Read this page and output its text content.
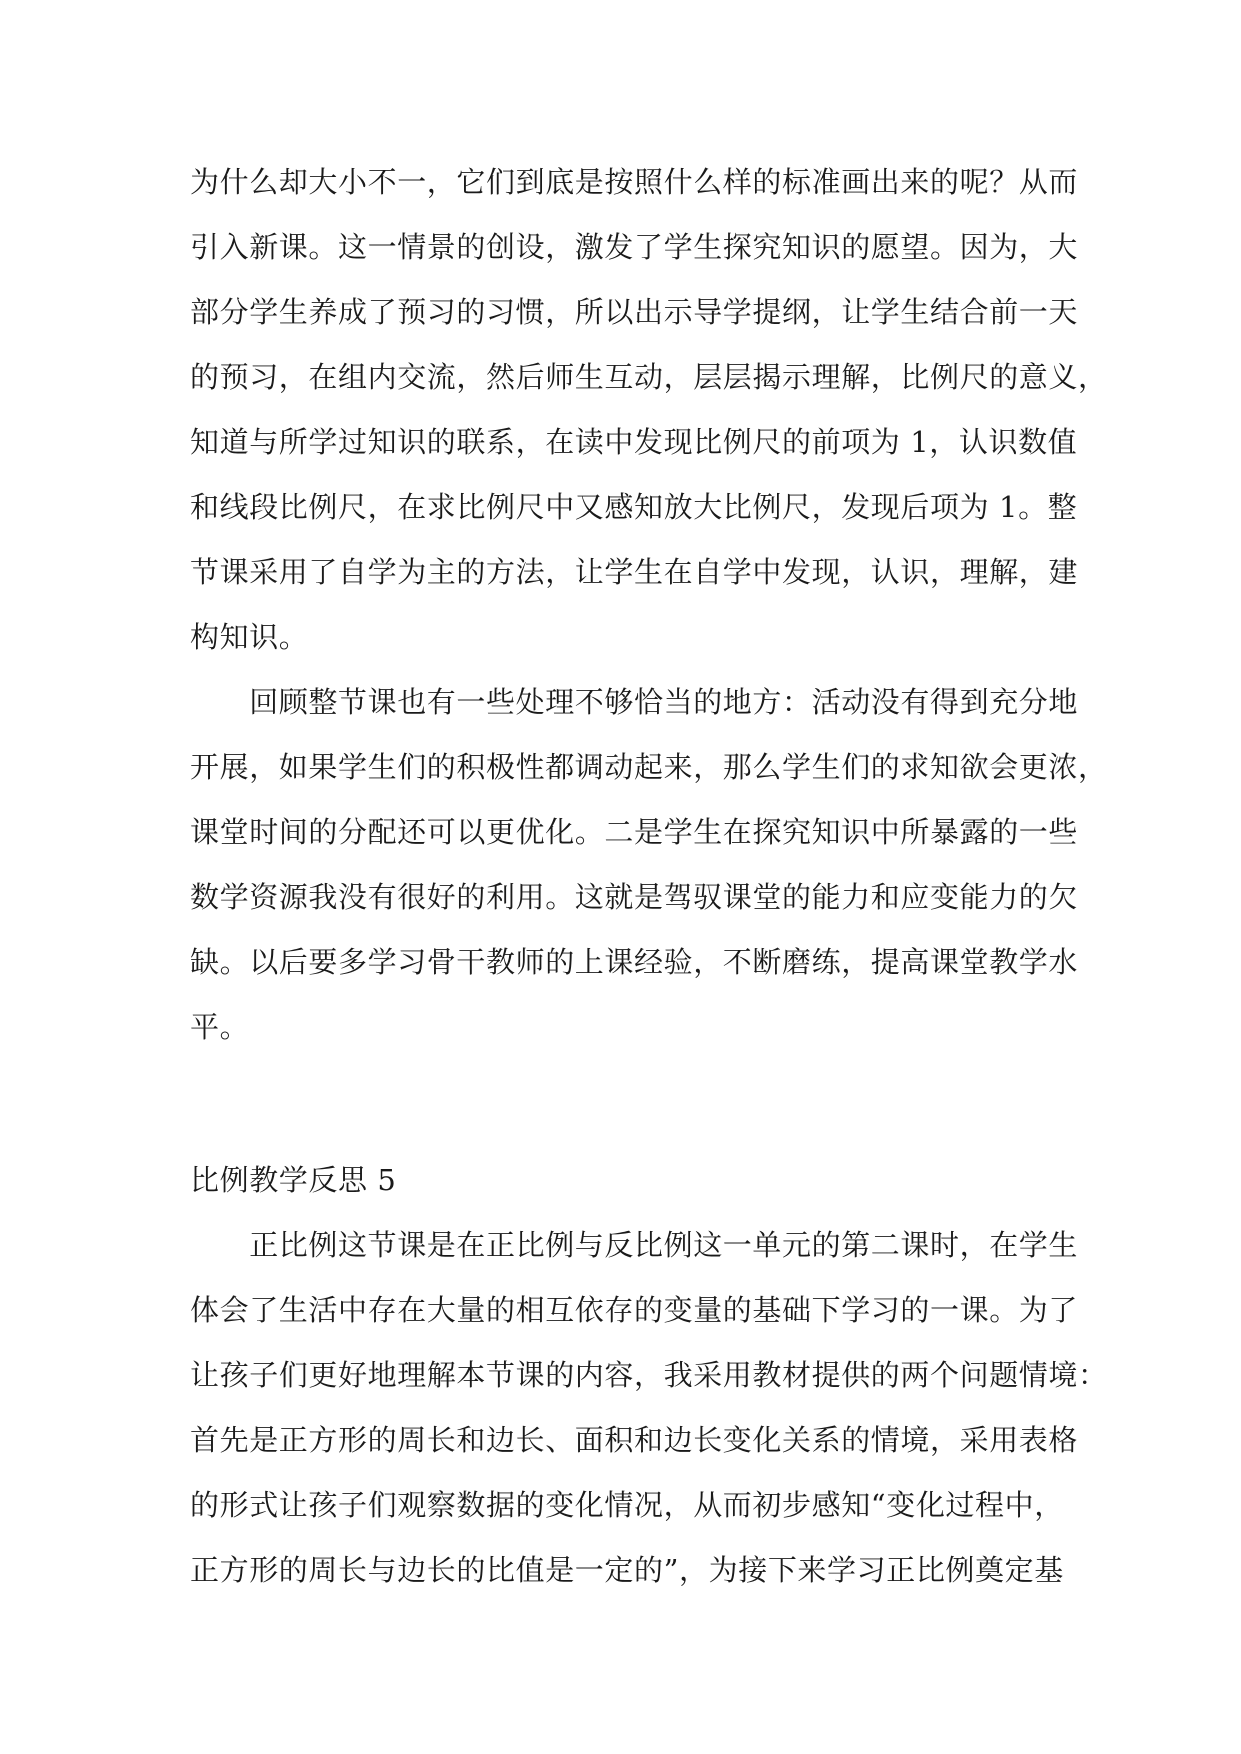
为什么却大小不一，它们到底是按照什么样的标准画出来的呢？从而
引入新课。这一情景的创设，激发了学生探究知识的愿望。因为，大
部分学生养成了预习的习惯，所以出示导学提纲，让学生结合前一天
的预习，在组内交流，然后师生互动，层层揭示理解，比例尺的意义，
知道与所学过知识的联系，在读中发现比例尺的前项为 1，认识数值
和线段比例尺，在求比例尺中又感知放大比例尺，发现后项为 1。整
节课采用了自学为主的方法，让学生在自学中发现，认识，理解，建
构知识。
　　回顾整节课也有一些处理不够恰当的地方：活动没有得到充分地
开展，如果学生们的积极性都调动起来，那么学生们的求知欲会更浓，
课堂时间的分配还可以更优化。二是学生在探究知识中所暴露的一些
数学资源我没有很好的利用。这就是驾驭课堂的能力和应变能力的欠
缺。以后要多学习骨干教师的上课经验，不断磨练，提高课堂教学水
平。
比例教学反思 5
　　正比例这节课是在正比例与反比例这一单元的第二课时，在学生
体会了生活中存在大量的相互依存的变量的基础下学习的一课。为了
让孩子们更好地理解本节课的内容，我采用教材提供的两个问题情境：
首先是正方形的周长和边长、面积和边长变化关系的情境，采用表格
的形式让孩子们观察数据的变化情况，从而初步感知“变化过程中，
正方形的周长与边长的比值是一定的”，为接下来学习正比例奠定基
